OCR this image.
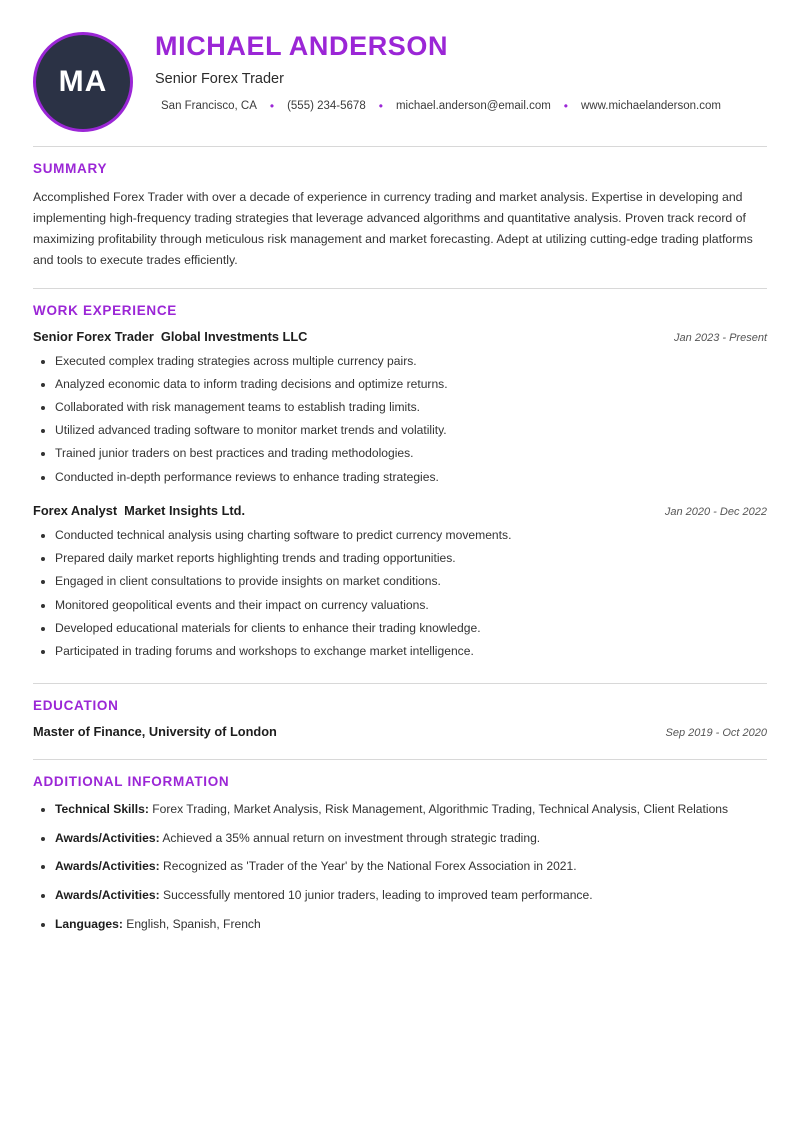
MA
MICHAEL ANDERSON
Senior Forex Trader
San Francisco, CA • (555) 234-5678 • michael.anderson@email.com • www.michaelanderson.com
SUMMARY

Accomplished Forex Trader with over a decade of experience in currency trading and market analysis. Expertise in developing and implementing high-frequency trading strategies that leverage advanced algorithms and quantitative analysis. Proven track record of maximizing profitability through meticulous risk management and market forecasting. Adept at utilizing cutting-edge trading platforms and tools to execute trades efficiently.

WORK EXPERIENCE
Senior Forex Trader Global Investments LLC	Jan 2023 - Present
• Executed complex trading strategies across multiple currency pairs.
• Analyzed economic data to inform trading decisions and optimize returns.
• Collaborated with risk management teams to establish trading limits.
• Utilized advanced trading software to monitor market trends and volatility.
• Trained junior traders on best practices and trading methodologies.
• Conducted in-depth performance reviews to enhance trading strategies.
Forex Analyst Market Insights Ltd.	Jan 2020 - Dec 2022
• Conducted technical analysis using charting software to predict currency movements.
• Prepared daily market reports highlighting trends and trading opportunities.
• Engaged in client consultations to provide insights on market conditions.
• Monitored geopolitical events and their impact on currency valuations.
• Developed educational materials for clients to enhance their trading knowledge.
• Participated in trading forums and workshops to exchange market intelligence.
EDUCATION
Master of Finance, University of London	Sep 2019 - Oct 2020
ADDITIONAL INFORMATION
• Technical Skills: Forex Trading, Market Analysis, Risk Management, Algorithmic Trading, Technical Analysis, Client Relations
• Awards/Activities: Achieved a 35% annual return on investment through strategic trading.
• Awards/Activities: Recognized as 'Trader of the Year' by the National Forex Association in 2021.
• Awards/Activities: Successfully mentored 10 junior traders, leading to improved team performance.
• Languages: English, Spanish, French
